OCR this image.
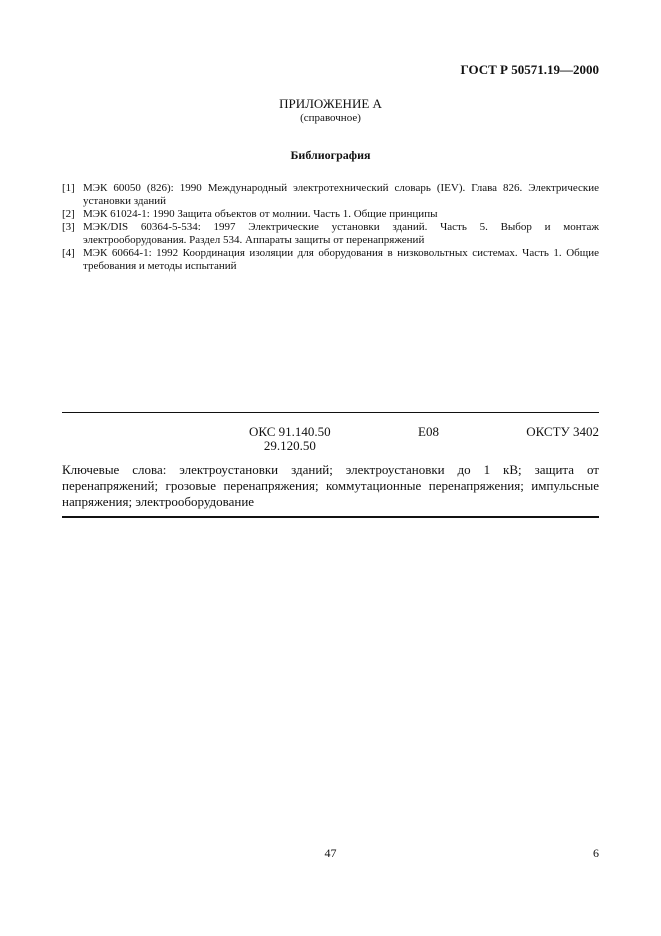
ГОСТ Р 50571.19—2000
ПРИЛОЖЕНИЕ А
(справочное)
Библиография
[1] МЭК 60050 (826): 1990 Международный электротехнический словарь (IEV). Глава 826. Электрические установки зданий
[2] МЭК 61024-1: 1990 Защита объектов от молнии. Часть 1. Общие принципы
[3] МЭК/DIS 60364-5-534: 1997 Электрические установки зданий. Часть 5. Выбор и монтаж электрооборудования. Раздел 534. Аппараты защиты от перенапряжений
[4] МЭК 60664-1: 1992 Координация изоляции для оборудования в низковольтных системах. Часть 1. Общие требования и методы испытаний
ОКС 91.140.50
29.120.50
Е08	ОКСТУ 3402
Ключевые слова: электроустановки зданий; электроустановки до 1 кВ; защита от перенапряжений; грозовые перенапряжения; коммутационные перенапряжения; импульсные напряжения; электрооборудование
47	6
